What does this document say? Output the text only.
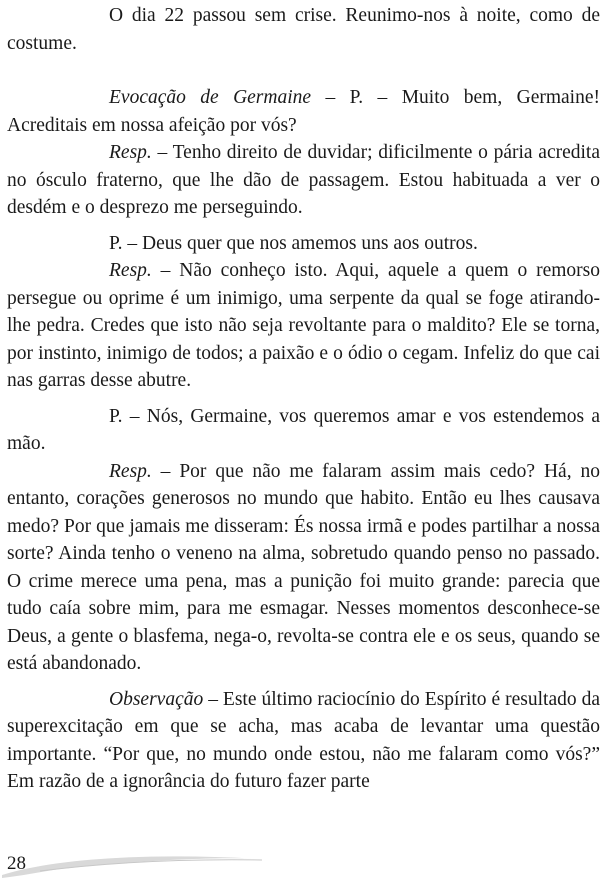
O dia 22 passou sem crise. Reunimo-nos à noite, como de costume.

Evocação de Germaine – P. – Muito bem, Germaine! Acreditais em nossa afeição por vós?

Resp. – Tenho direito de duvidar; dificilmente o pária acredita no ósculo fraterno, que lhe dão de passagem. Estou habituada a ver o desdém e o desprezo me perseguindo.

P. – Deus quer que nos amemos uns aos outros.

Resp. – Não conheço isto. Aqui, aquele a quem o remorso persegue ou oprime é um inimigo, uma serpente da qual se foge atirando-lhe pedra. Credes que isto não seja revoltante para o maldito? Ele se torna, por instinto, inimigo de todos; a paixão e o ódio o cegam. Infeliz do que cai nas garras desse abutre.

P. – Nós, Germaine, vos queremos amar e vos estendemos a mão.

Resp. – Por que não me falaram assim mais cedo? Há, no entanto, corações generosos no mundo que habito. Então eu lhes causava medo? Por que jamais me disseram: És nossa irmã e podes partilhar a nossa sorte? Ainda tenho o veneno na alma, sobretudo quando penso no passado. O crime merece uma pena, mas a punição foi muito grande: parecia que tudo caía sobre mim, para me esmagar. Nesses momentos desconhece-se Deus, a gente o blasfema, nega-o, revolta-se contra ele e os seus, quando se está abandonado.

Observação – Este último raciocínio do Espírito é resultado da superexcitação em que se acha, mas acaba de levantar uma questão importante. “Por que, no mundo onde estou, não me falaram como vós?” Em razão de a ignorância do futuro fazer parte

28
